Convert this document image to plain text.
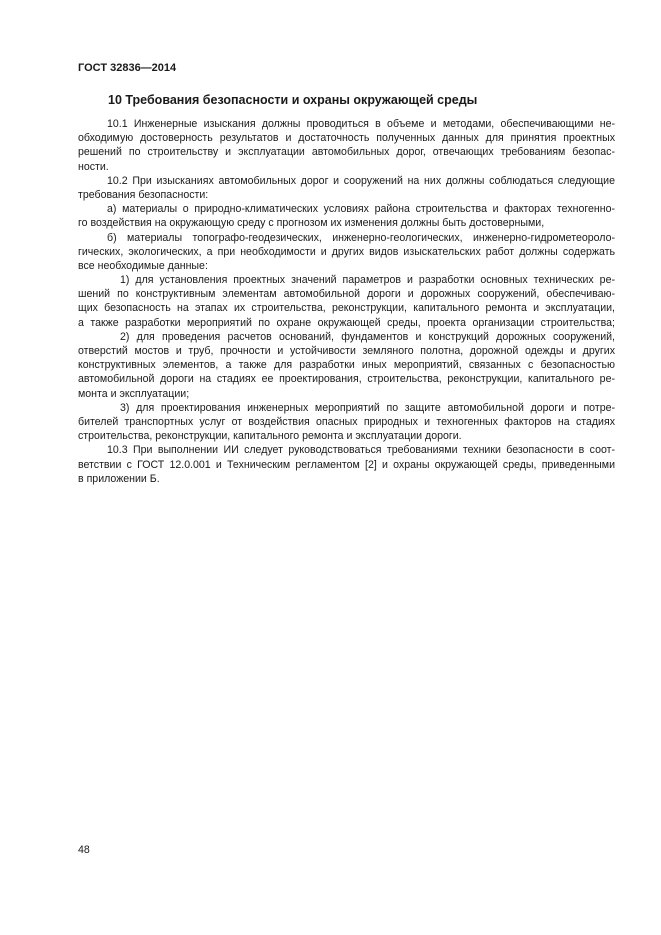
ГОСТ 32836—2014
10 Требования безопасности и охраны окружающей среды
10.1 Инженерные изыскания должны проводиться в объеме и методами, обеспечивающими не-
обходимую достоверность результатов и достаточность полученных данных для принятия проектных
решений по строительству и эксплуатации автомобильных дорог, отвечающих требованиям безопас-
ности.
10.2 При изысканиях автомобильных дорог и сооружений на них должны соблюдаться следующие
требования безопасности:
а) материалы о природно-климатических условиях района строительства и факторах техногенно-
го воздействия на окружающую среду с прогнозом их изменения должны быть достоверными,
б) материалы топографо-геодезических, инженерно-геологических, инженерно-гидрометеороло-
гических, экологических, а при необходимости и других видов изыскательских работ должны содержать
все необходимые данные:
1) для установления проектных значений параметров и разработки основных технических ре-
шений по конструктивным элементам автомобильной дороги и дорожных сооружений, обеспечиваю-
щих безопасность на этапах их строительства, реконструкции, капитального ремонта и эксплуатации,
а также разработки мероприятий по охране окружающей среды, проекта организации строительства;
2) для проведения расчетов оснований, фундаментов и конструкций дорожных сооружений,
отверстий мостов и труб, прочности и устойчивости земляного полотна, дорожной одежды и других
конструктивных элементов, а также для разработки иных мероприятий, связанных с безопасностью
автомобильной дороги на стадиях ее проектирования, строительства, реконструкции, капитального ре-
монта и эксплуатации;
3) для проектирования инженерных мероприятий по защите автомобильной дороги и потре-
бителей транспортных услуг от воздействия опасных природных и техногенных факторов на стадиях
строительства, реконструкции, капитального ремонта и эксплуатации дороги.
10.3 При выполнении ИИ следует руководствоваться требованиями техники безопасности в соот-
ветствии с ГОСТ 12.0.001 и Техническим регламентом [2] и охраны окружающей среды, приведенными
в приложении Б.
48
